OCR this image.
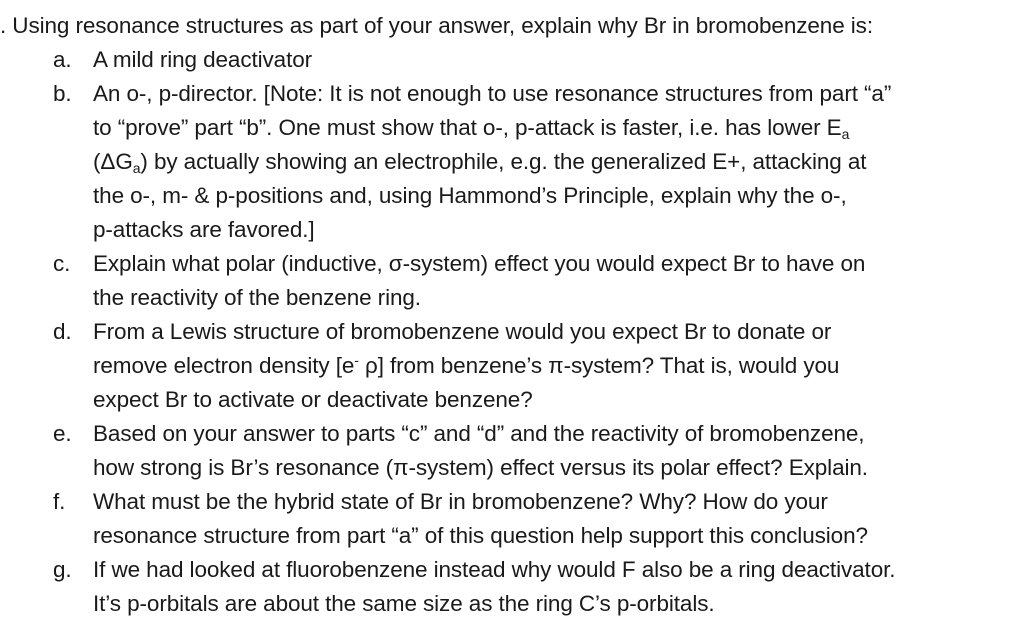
. Using resonance structures as part of your answer, explain why Br in bromobenzene is:

a. A mild ring deactivator
b. An o-, p-director. [Note: It is not enough to use resonance structures from part “a”
to “prove” part “b”. One must show that o-, p-attack is faster, i.e. has lower $E_a$
$(\Delta G_a)$ by actually showing an electrophile, e.g. the generalized E+, attacking at
the o-, m- & p-positions and, using Hammond’s Principle, explain why the o-,
p-attacks are favored.]
c. Explain what polar (inductive, σ-system) effect you would expect Br to have on
the reactivity of the benzene ring.
d. From a Lewis structure of bromobenzene would you expect Br to donate or
remove electron density [e- ρ] from benzene’s π-system? That is, would you
expect Br to activate or deactivate benzene?
e. Based on your answer to parts “c” and “d” and the reactivity of bromobenzene,
how strong is Br’s resonance (π-system) effect versus its polar effect? Explain.
f. What must be the hybrid state of Br in bromobenzene? Why? How do your
resonance structure from part “a” of this question help support this conclusion?
g. If we had looked at fluorobenzene instead why would F also be a ring deactivator.
It’s p-orbitals are about the same size as the ring C’s p-orbitals.
